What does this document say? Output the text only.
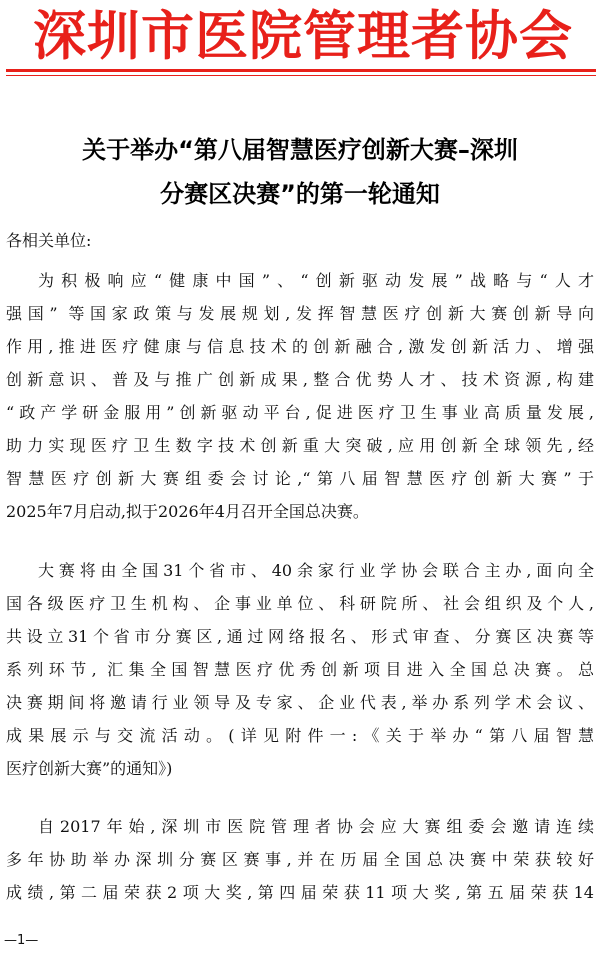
深圳市医院管理者协会
关于举办“第八届智慧医疗创新大赛–深圳
分赛区决赛”的第一轮通知
各相关单位:
为积极响应“健康中国”、“创新驱动发展”战略与“人才
强国” 等国家政策与发展规划,发挥智慧医疗创新大赛创新导向
作用,推进医疗健康与信息技术的创新融合,激发创新活力、增强
创新意识、普及与推广创新成果,整合优势人才、技术资源,构建
“政产学研金服用”创新驱动平台,促进医疗卫生事业高质量发展,
助力实现医疗卫生数字技术创新重大突破,应用创新全球领先,经
智慧医疗创新大赛组委会讨论,“第八届智慧医疗创新大赛”于
2025年7月启动,拟于2026年4月召开全国总决赛。
大赛将由全国31个省市、40余家行业学协会联合主办,面向全
国各级医疗卫生机构、企事业单位、科研院所、社会组织及个人,
共设立31个省市分赛区,通过网络报名、形式审查、分赛区决赛等
系列环节, 汇集全国智慧医疗优秀创新项目进入全国总决赛。总
决赛期间将邀请行业领导及专家、企业代表,举办系列学术会议、
成果展示与交流活动。(详见附件一:《关于举办“第八届智慧
医疗创新大赛”的通知》)
自2017年始,深圳市医院管理者协会应大赛组委会邀请连续
多年协助举办深圳分赛区赛事,并在历届全国总决赛中荣获较好
成绩,第二届荣获2项大奖,第四届荣获11项大奖,第五届荣获14
—1—
